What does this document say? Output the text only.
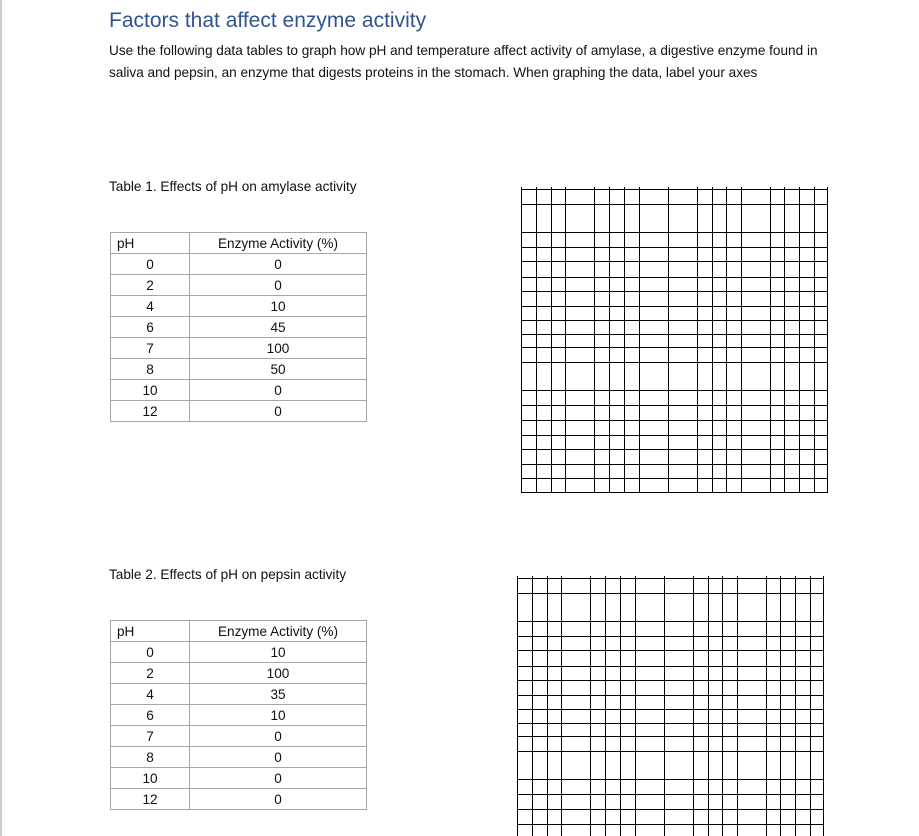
Factors that affect enzyme activity
Use the following data tables to graph how pH and temperature affect activity of amylase, a digestive enzyme found in saliva and pepsin, an enzyme that digests proteins in the stomach. When graphing the data, label your axes
Table 1. Effects of pH on amylase activity
pH	Enzyme Activity (%)
0	0
2	0
4	10
6	45
7	100
8	50
10	0
12	0
Table 2. Effects of pH on pepsin activity
pH	Enzyme Activity (%)
0	10
2	100
4	35
6	10
7	0
8	0
10	0
12	0
